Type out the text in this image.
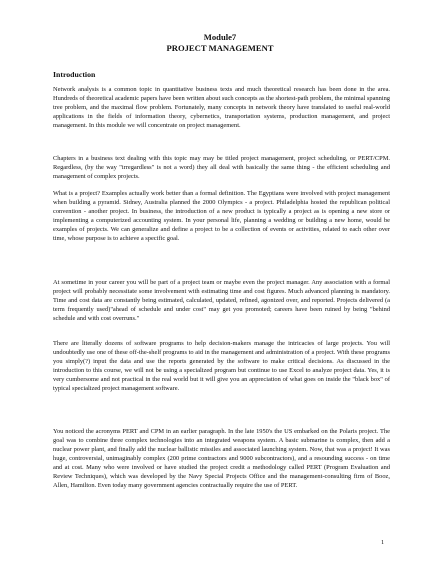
Module7
PROJECT MANAGEMENT
Introduction
Network analysis is a common topic in quantitative business texts and much theoretical research has been done in the area. Hundreds of theoretical academic papers have been written about such concepts as the shortest-path problem, the minimal spanning tree problem, and the maximal flow problem. Fortunately, many concepts in network theory have translated to useful real-world applications in the fields of information theory, cybernetics, transportation systems, production management, and project management. In this module we will concentrate on project management.
Chapters in a business text dealing with this topic may may be titled project management, project scheduling, or PERT/CPM. Regardless, (by the way "irregardless" is not a word) they all deal with basically the same thing - the efficient scheduling and management of complex projects.
What is a project? Examples actually work better than a formal definition. The Egyptians were involved with project management when building a pyramid. Sidney, Australia planned the 2000 Olympics - a project. Philadelphia hosted the republican political convention - another project. In business, the introduction of a new product is typically a project as is opening a new store or implementing a computerized accounting system. In your personal life, planning a wedding or building a new home, would be examples of projects. We can generalize and define a project to be a collection of events or activities, related to each other over time, whose purpose is to achieve a specific goal.
At sometime in your career you will be part of a project team or maybe even the project manager. Any association with a formal project will probably necessitate some involvement with estimating time and cost figures. Much advanced planning is mandatory. Time and cost data are constantly being estimated, calculated, updated, refined, agonized over, and reported. Projects delivered (a term frequently used)"ahead of schedule and under cost" may get you promoted; careers have been ruined by being "behind schedule and with cost overruns."
There are literally dozens of software programs to help decision-makers manage the intricacies of large projects. You will undoubtedly use one of these off-the-shelf programs to aid in the management and administration of a project. With these programs you simply(?) input the data and use the reports generated by the software to make critical decisions. As discussed in the introduction to this course, we will not be using a specialized program but continue to use Excel to analyze project data. Yes, it is very cumbersome and not practical in the real world but it will give you an appreciation of what goes on inside the "black box" of typical specialized project management software.
You noticed the acronyms PERT and CPM in an earlier paragraph. In the late 1950's the US embarked on the Polaris project. The goal was to combine three complex technologies into an integrated weapons system. A basic submarine is complex, then add a nuclear power plant, and finally add the nuclear ballistic missiles and associated launching system. Now, that was a project! It was huge, controversial, unimaginably complex (200 prime contractors and 9000 subcontractors), and a resounding success - on time and at cost. Many who were involved or have studied the project credit a methodology called PERT (Program Evaluation and Review Techniques), which was developed by the Navy Special Projects Office and the management-consulting firm of Booz, Allen, Hamilton. Even today many government agencies contractually require the use of PERT.
1
